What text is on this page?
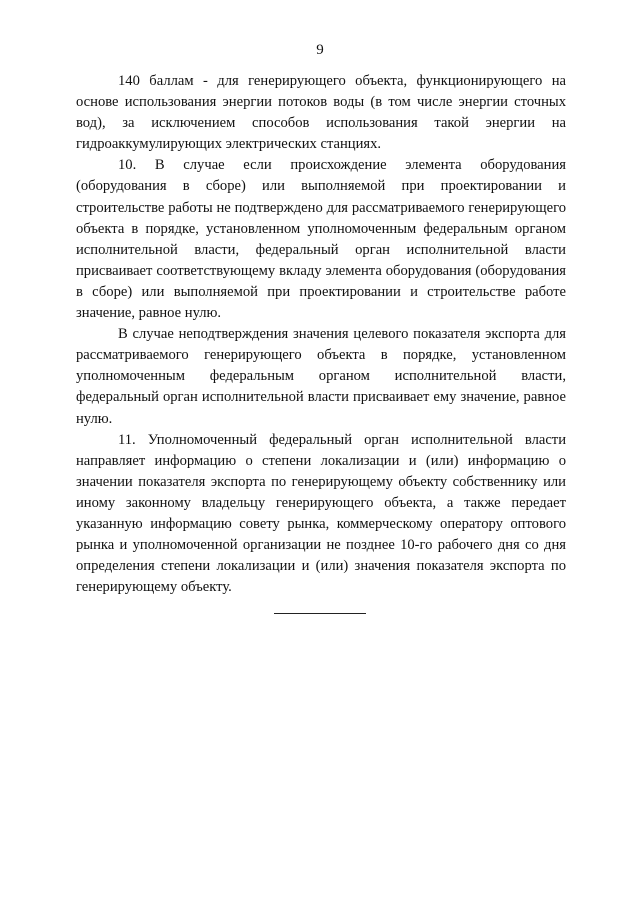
9

140 баллам - для генерирующего объекта, функционирующего на основе использования энергии потоков воды (в том числе энергии сточных вод), за исключением способов использования такой энергии на гидроаккумулирующих электрических станциях.

10. В случае если происхождение элемента оборудования (оборудования в сборе) или выполняемой при проектировании и строительстве работы не подтверждено для рассматриваемого генерирующего объекта в порядке, установленном уполномоченным федеральным органом исполнительной власти, федеральный орган исполнительной власти присваивает соответствующему вкладу элемента оборудования (оборудования в сборе) или выполняемой при проектировании и строительстве работе значение, равное нулю.

В случае неподтверждения значения целевого показателя экспорта для рассматриваемого генерирующего объекта в порядке, установленном уполномоченным федеральным органом исполнительной власти, федеральный орган исполнительной власти присваивает ему значение, равное нулю.

11. Уполномоченный федеральный орган исполнительной власти направляет информацию о степени локализации и (или) информацию о значении показателя экспорта по генерирующему объекту собственнику или иному законному владельцу генерирующего объекта, а также передает указанную информацию совету рынка, коммерческому оператору оптового рынка и уполномоченной организации не позднее 10-го рабочего дня со дня определения степени локализации и (или) значения показателя экспорта по генерирующему объекту.
